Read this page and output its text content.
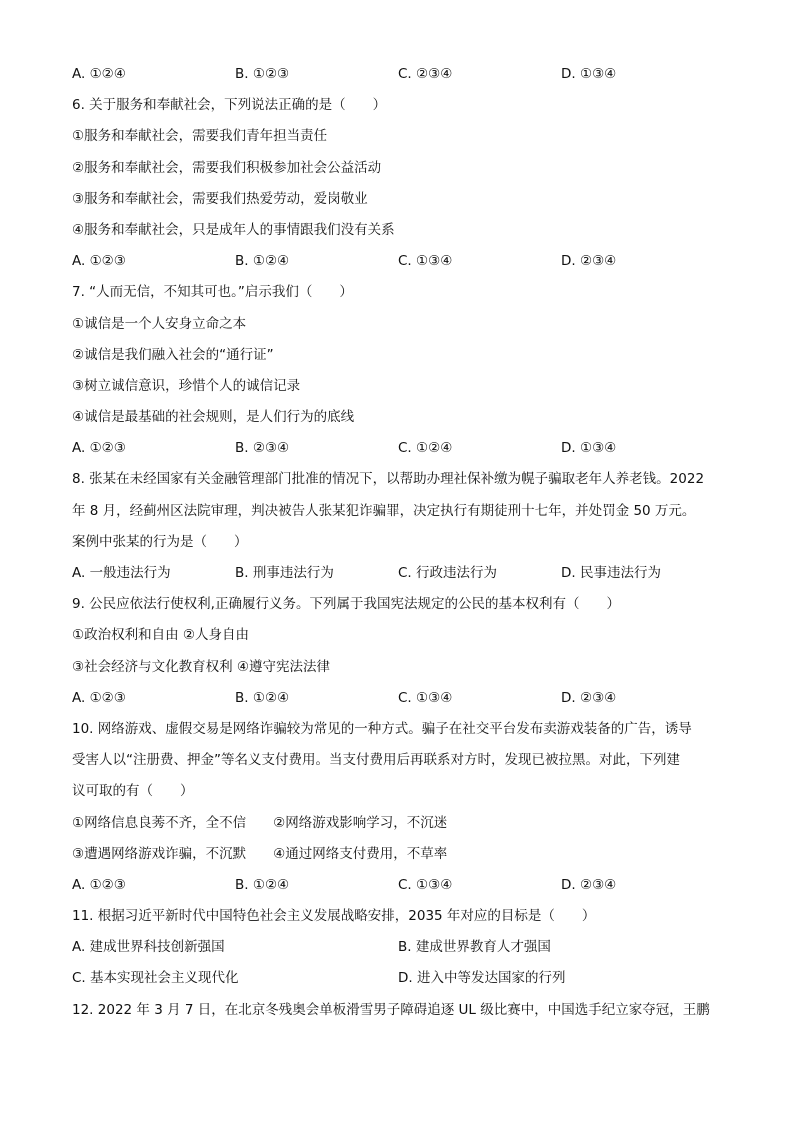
A. ①②④	B. ①②③	C. ②③④	D. ①③④
6. 关于服务和奉献社会，下列说法正确的是（　　）
①服务和奉献社会，需要我们青年担当责任
②服务和奉献社会，需要我们积极参加社会公益活动
③服务和奉献社会，需要我们热爱劳动，爱岗敬业
④服务和奉献社会，只是成年人的事情跟我们没有关系
A. ①②③	B. ①②④	C. ①③④	D. ②③④
7. “人而无信，不知其可也。”启示我们（　　）
①诚信是一个人安身立命之本
②诚信是我们融入社会的“通行证”
③树立诚信意识，珍惜个人的诚信记录
④诚信是最基础的社会规则，是人们行为的底线
A. ①②③	B. ②③④	C. ①②④	D. ①③④
8. 张某在未经国家有关金融管理部门批准的情况下，以帮助办理社保补缴为幌子骗取老年人养老钱。2022
年 8 月，经蓟州区法院审理，判决被告人张某犯诈骗罪，决定执行有期徒刑十七年，并处罚金 50 万元。
案例中张某的行为是（　　）
A. 一般违法行为	B. 刑事违法行为	C. 行政违法行为	D. 民事违法行为
9. 公民应依法行使权利,正确履行义务。下列属于我国宪法规定的公民的基本权利有（　　）
①政治权利和自由 ②人身自由
③社会经济与文化教育权利 ④遵守宪法法律
A. ①②③	B. ①②④	C. ①③④	D. ②③④
10. 网络游戏、虚假交易是网络诈骗较为常见的一种方式。骗子在社交平台发布卖游戏装备的广告，诱导
受害人以“注册费、押金”等名义支付费用。当支付费用后再联系对方时，发现已被拉黑。对此，下列建
议可取的有（　　）
①网络信息良莠不齐，全不信　　②网络游戏影响学习，不沉迷
③遭遇网络游戏诈骗，不沉默　　④通过网络支付费用，不草率
A. ①②③	B. ①②④	C. ①③④	D. ②③④
11. 根据习近平新时代中国特色社会主义发展战略安排，2035 年对应的目标是（　　）
A. 建成世界科技创新强国	B. 建成世界教育人才强国
C. 基本实现社会主义现代化	D. 进入中等发达国家的行列
12. 2022 年 3 月 7 日，在北京冬残奥会单板滑雪男子障碍追逐 UL 级比赛中，中国选手纪立家夺冠，王鹏
